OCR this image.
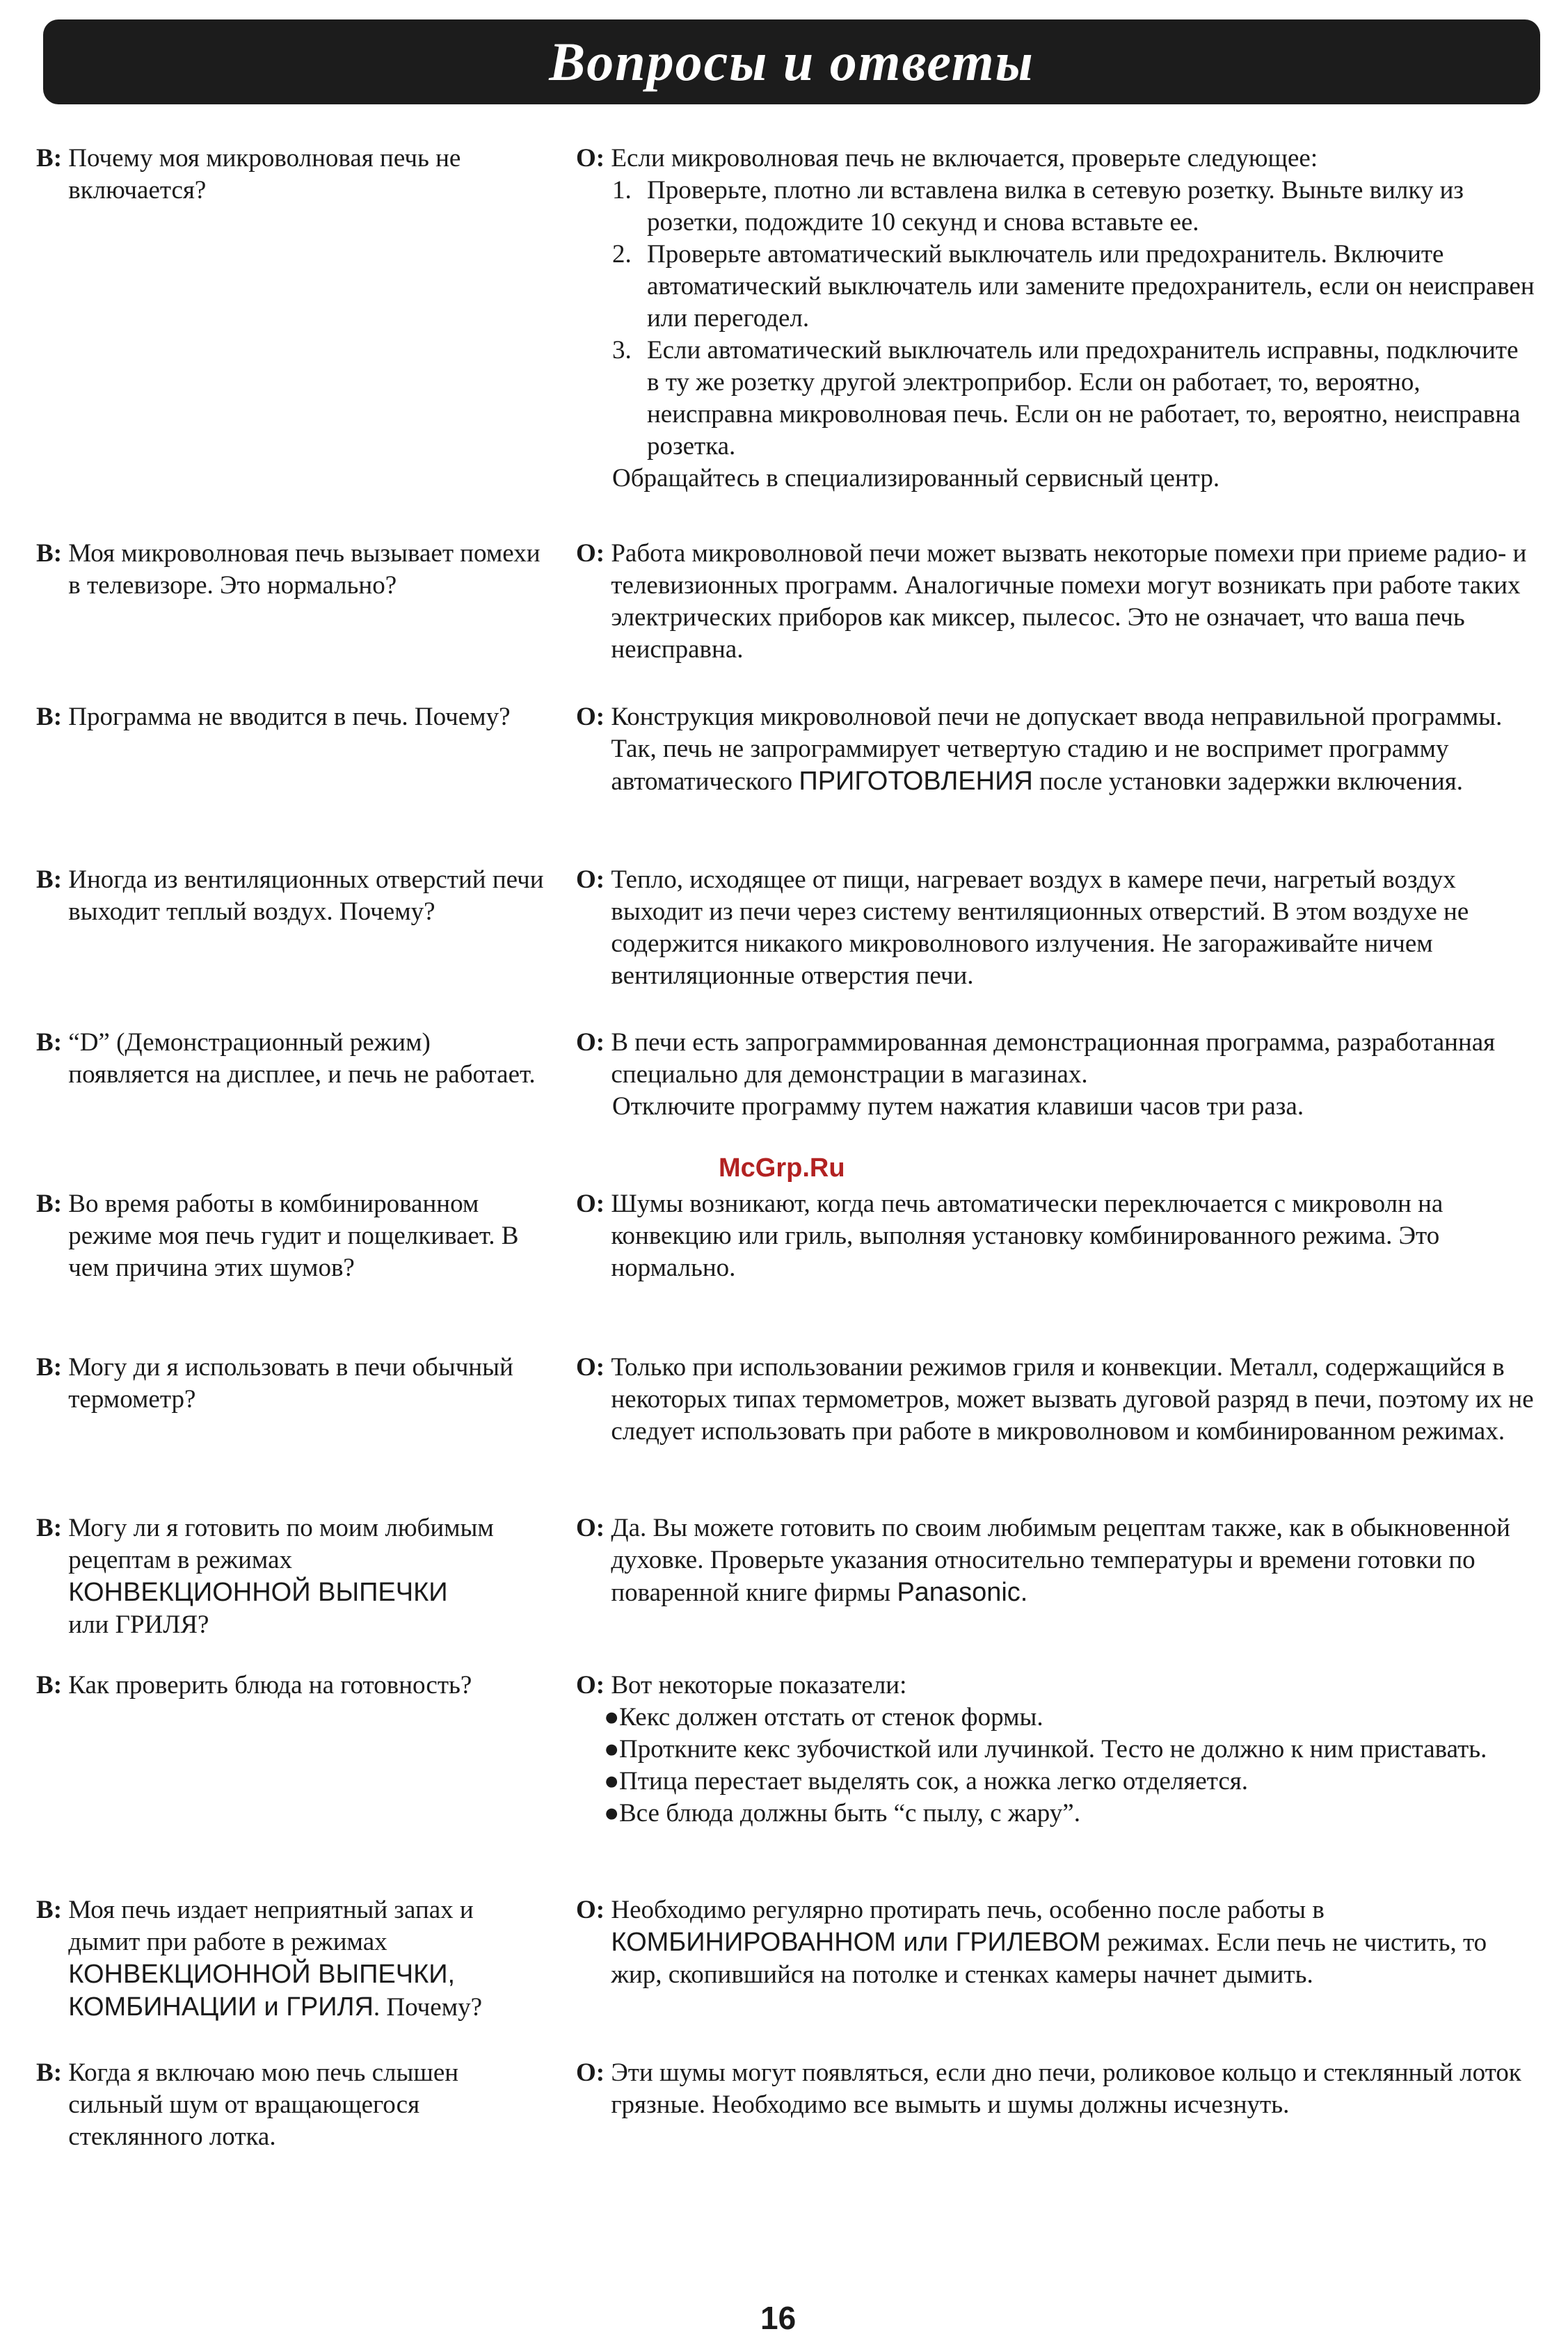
Вопросы и ответы
В: Почему моя микроволновая печь не включается?
О: Если микроволновая печь не включается, проверьте следующее:
1. Проверьте, плотно ли вставлена вилка в сетевую розетку. Выньте вилку из розетки, подождите 10 секунд и снова вставьте ее.
2. Проверьте автоматический выключатель или предохранитель. Включите автоматический выключатель или замените предохранитель, если он неисправен или перегодел.
3. Если автоматический выключатель или предохранитель исправны, подключите в ту же розетку другой электроприбор. Если он работает, то, вероятно, неисправна микроволновая печь. Если он не работает, то, вероятно, неисправна розетка.
Обращайтесь в специализированный сервисный центр.
В: Моя микроволновая печь вызывает помехи в телевизоре. Это нормально?
О: Работа микроволновой печи может вызвать некоторые помехи при приеме радио- и телевизионных программ. Аналогичные помехи могут возникать при работе таких электрических приборов как миксер, пылесос. Это не означает, что ваша печь неисправна.
В: Программа не вводится в печь. Почему?	О: Конструкция микроволновой печи не допускает ввода неправильной программы. Так, печь не запрограммирует четвертую стадию и не воспримет программу автоматического ПРИГОТОВЛЕНИЯ после установки задержки включения.
В: Иногда из вентиляционных отверстий печи выходит теплый воздух. Почему?
О: Тепло, исходящее от пищи, нагревает воздух в камере печи, нагретый воздух выходит из печи через систему вентиляционных отверстий. В этом воздухе не содержится никакого микроволнового излучения. Не загораживайте ничем вентиляционные отверстия печи.
В: “D” (Демонстрационный режим) появляется на дисплее, и печь не работает.
О: В печи есть запрограммированная демонстрационная программа, разработанная специально для демонстрации в магазинах.
Отключите программу путем нажатия клавиши часов три раза.
В: Во время работы в комбинированном режиме моя печь гудит и пощелкивает. В чем причина этих шумов?
О: Шумы возникают, когда печь автоматически переключается с микроволн на конвекцию или гриль, выполняя установку комбинированного режима. Это нормально.
В: Могу ди я использовать в печи обычный термометр?
О: Только при использовании режимов гриля и конвекции. Металл, содержащийся в некоторых типах термометров, может вызвать дуговой разряд в печи, поэтому их не следует использовать при работе в микроволновом и комбинированном режимах.
В: Могу ли я готовить по моим любимым рецептам в режимах
КОНВЕКЦИОННОЙ ВЫПЕЧКИ
или ГРИЛЯ?
О: Да. Вы можете готовить по своим любимым рецептам также, как в обыкновенной духовке. Проверьте указания относительно температуры и времени готовки по поваренной книге фирмы Panasonic.
В: Как проверить блюда на готовность?	О: Вот некоторые показатели:
● Кекс должен отстать от стенок формы.
● Проткните кекс зубочисткой или лучинкой. Тесто не должно к ним приставать.
● Птица перестает выделять сок, а ножка легко отделяется.
● Все блюда должны быть “с пылу, с жару”.
В: Моя печь издает неприятный запах и дымит при работе в режимах
КОНВЕКЦИОННОЙ ВЫПЕЧКИ, КОМБИНАЦИИ и ГРИЛЯ. Почему?
О: Необходимо регулярно протирать печь, особенно после работы в
КОМБИНИРОВАННОМ или ГРИЛЕВОМ режимах. Если печь не чистить, то жир, скопившийся на потолке и стенках камеры начнет дымить.
В: Когда я включаю мою печь слышен сильный шум от вращающегося стеклянного лотка.
О: Эти шумы могут появляться, если дно печи, роликовое кольцо и стеклянный лоток грязные. Необходимо все вымыть и шумы должны исчезнуть.
McGrp.Ru
16
